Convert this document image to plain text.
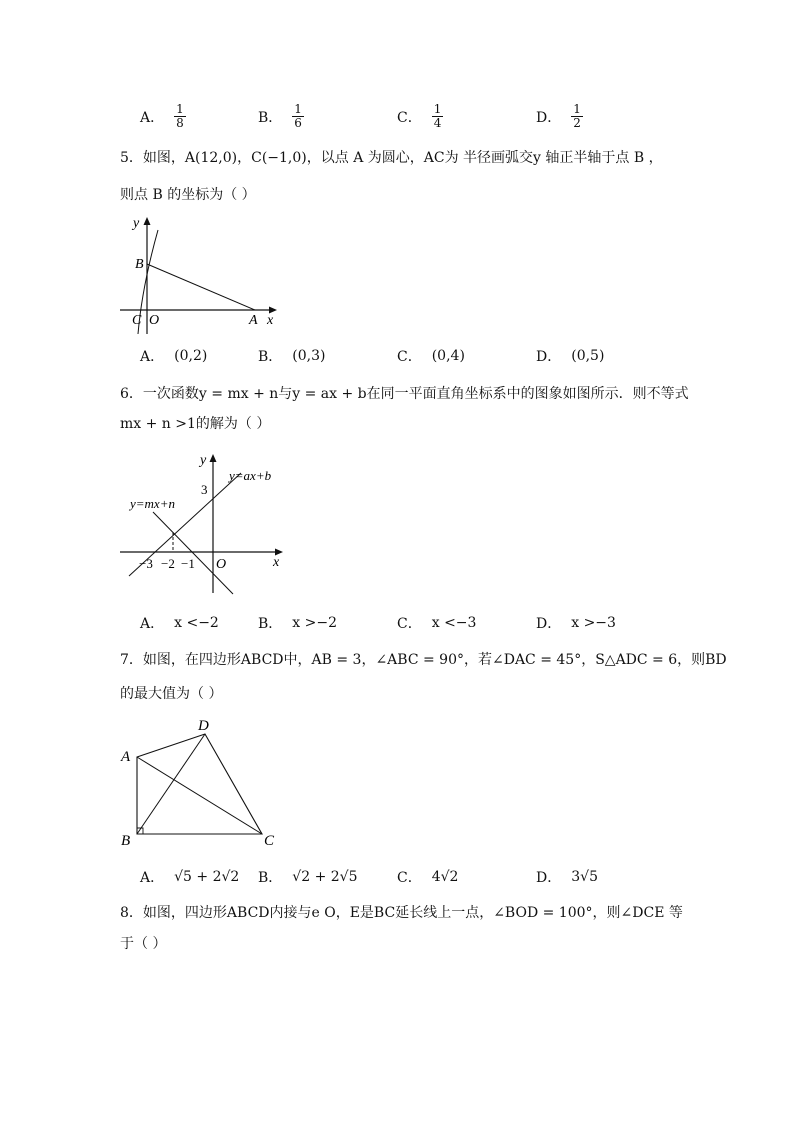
A． $\frac{1}{8}$	B． $\frac{1}{6}$	C． $\frac{1}{4}$	D． $\frac{1}{2}$
5．如图，A(12,0)，C(−1,0)，以点 A 为圆心，AC为 半径画弧交y 轴正半轴于点 B ，
则点 B 的坐标为（ ）
y
B
C O	A x
A． (0,2)	B． (0,3)	C． (0,4)	D． (0,5)
6．一次函数y = mx + n与y = ax + b在同一平面直角坐标系中的图象如图所示．则不等式
mx + n >1的解为（ ）
y
3
y=ax+b
y=mx+n
−3 −2 −1 O	x
A． x <−2	B． x >−2	C． x <−3	D． x >−3
7．如图，在四边形ABCD中，AB = 3，∠ABC = 90°，若∠DAC = 45°，S△ADC = 6，则BD
的最大值为（ ）
A
D
B	C
A． √5 + 2√2 B． √2 + 2√5	C． 4√2	D． 3√5
8．如图，四边形ABCD内接与e O，E是BC延长线上一点，∠BOD = 100°，则∠DCE 等
于（ ）
